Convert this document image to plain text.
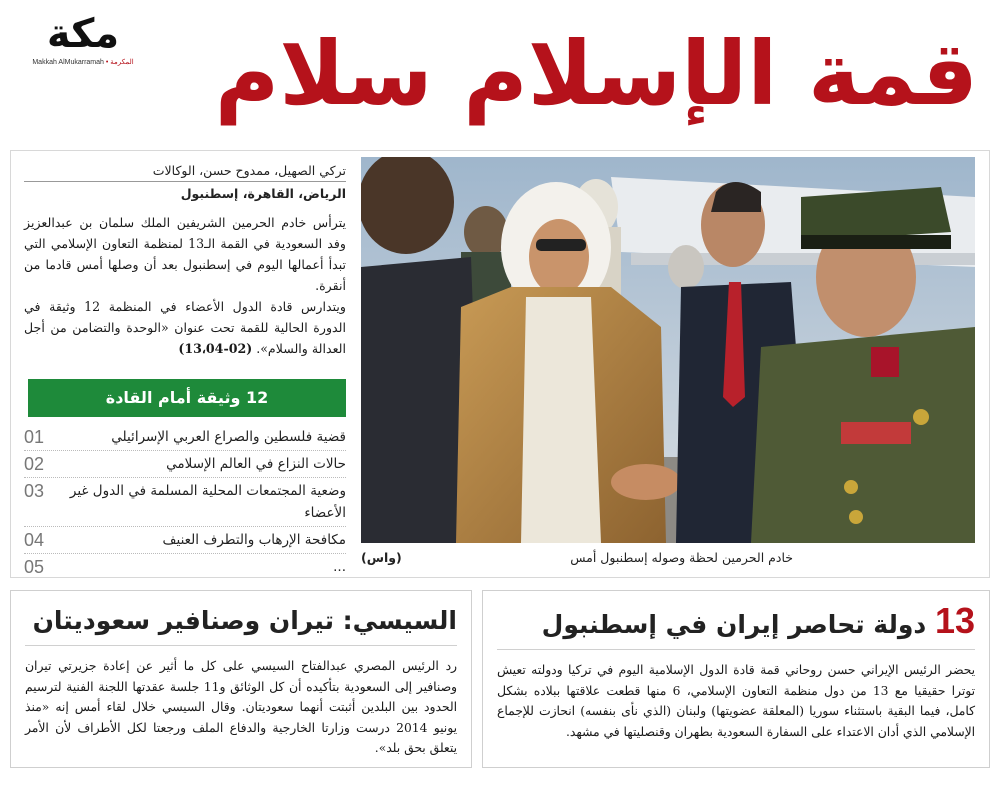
مكة
Makkah AlMukarramah • المكرمة قمة الإسلام سلام
تركي الصهيل، ممدوح حسن، الوكالات
الرياض، القاهرة، إسطنبول

يترأس خادم الحرمين الشريفين الملك سلمان بن عبدالعزيز وفد السعودية في القمة الـ13 لمنظمة التعاون الإسلامي التي تبدأ أعمالها اليوم في إسطنبول بعد أن وصلها أمس قادما من أنقرة.

ويتدارس قادة الدول الأعضاء في المنظمة 12 وثيقة في الدورة الحالية للقمة تحت عنوان «الوحدة والتضامن من أجل العدالة والسلام». (02-13،04)

12 وثيقة أمام القادة
01	قضية فلسطين والصراع العربي الإسرائيلي
02	حالات النزاع في العالم الإسلامي
03	وضعية المجتمعات المحلية المسلمة في الدول غير الأعضاء
04	مكافحة الإرهاب والتطرف العنيف
05	...
خادم الحرمين لحظة وصوله إسطنبول أمس
(واس)
13 دولة تحاصر إيران في إسطنبول
يحضر الرئيس الإيراني حسن روحاني قمة قادة الدول الإسلامية اليوم في تركيا ودولته تعيش توترا حقيقيا مع 13 من دول منظمة التعاون الإسلامي، 6 منها قطعت علاقتها ببلاده بشكل كامل، فيما البقية باستثناء سوريا (المعلقة عضويتها) ولبنان (الذي نأى بنفسه) انحازت للإجماع الإسلامي الذي أدان الاعتداء على السفارة السعودية بطهران وقنصليتها في مشهد.
السيسي: تيران وصنافير سعوديتان
رد الرئيس المصري عبدالفتاح السيسي على كل ما أثير عن إعادة جزيرتي تيران وصنافير إلى السعودية بتأكيده أن كل الوثائق و11 جلسة عقدتها اللجنة الفنية لترسيم الحدود بين البلدين أثبتت أنهما سعوديتان. وقال السيسي خلال لقاء أمس إنه «منذ يونيو 2014 درست وزارتا الخارجية والدفاع الملف ورجعتا لكل الأطراف لأن الأمر يتعلق بحق بلد».
